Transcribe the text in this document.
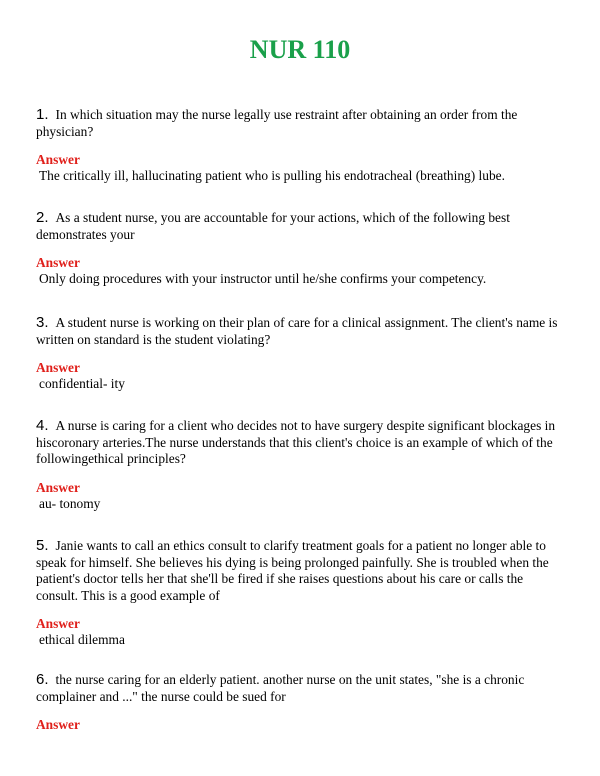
NUR 110

1. In which situation may the nurse legally use restraint after obtaining an order from the physician?

Answer

The critically ill, hallucinating patient who is pulling his endotracheal (breathing) lube.

2. As a student nurse, you are accountable for your actions, which of the following best demonstrates your

Answer

Only doing procedures with your instructor until he/she confirms your competency.

3. A student nurse is working on their plan of care for a clinical assignment. The client's name is written on standard is the student violating?

Answer

confidential- ity

4. A nurse is caring for a client who decides not to have surgery despite significant blockages in hiscoronary arteries.The nurse understands that this client's choice is an example of which of the followingethical principles?

Answer

au- tonomy

5. Janie wants to call an ethics consult to clarify treatment goals for a patient no longer able to speak for himself. She believes his dying is being prolonged painfully. She is troubled when the patient's doctor tells her that she'll be fired if she raises questions about his care or calls the consult. This is a good example of

Answer

ethical dilemma

6. the nurse caring for an elderly patient. another nurse on the unit states, "she is a chronic complainer and ..." the nurse could be sued for

Answer
